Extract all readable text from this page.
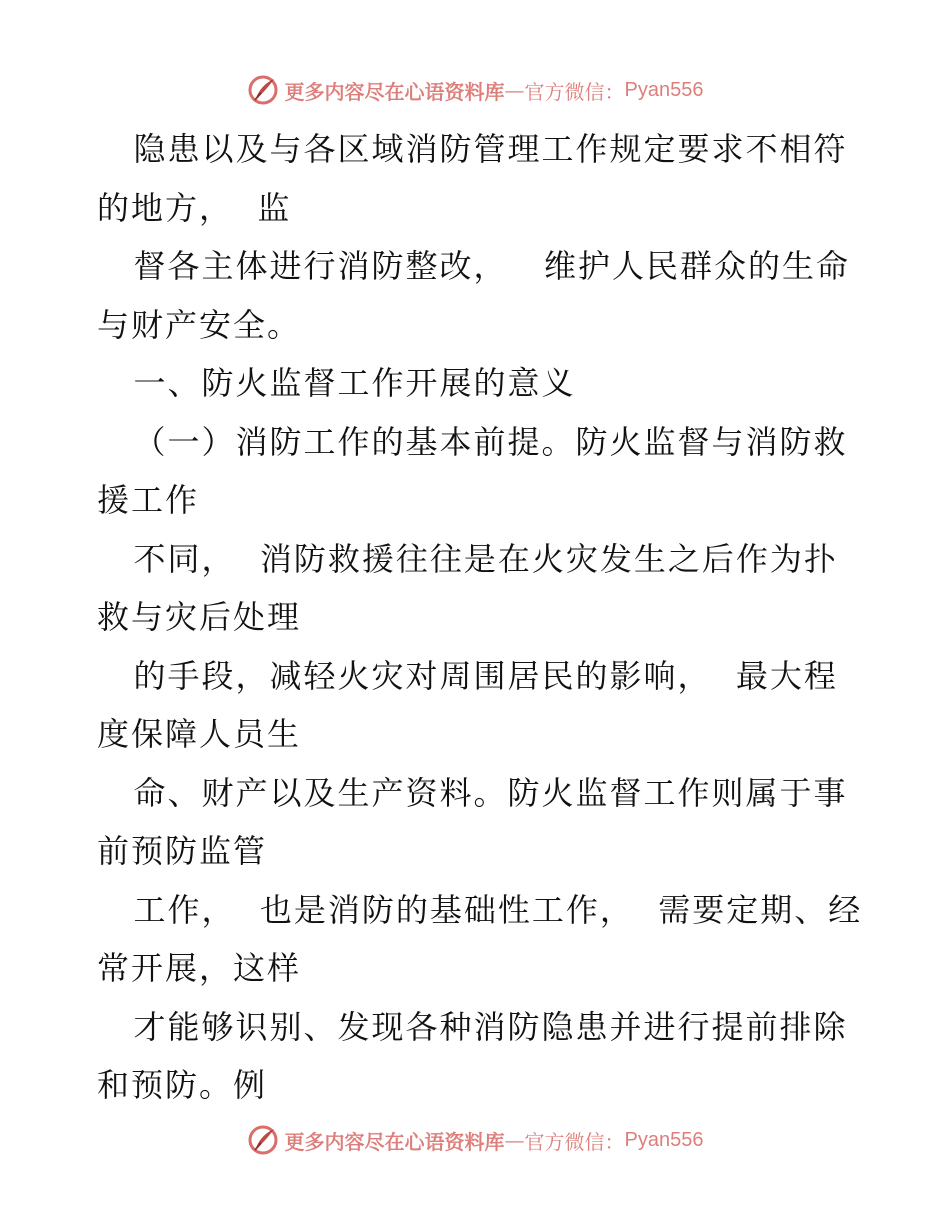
更多内容尽在心语资料库 — 官方微信： Pyan556
隐患以及与各区域消防管理工作规定要求不相符
的地方，  监
督各主体进行消防整改，   维护人民群众的生命
与财产安全。
一、防火监督工作开展的意义
（一）消防工作的基本前提。防火监督与消防救
援工作
不同，  消防救援往往是在火灾发生之后作为扑
救与灾后处理
的手段，减轻火灾对周围居民的影响，  最大程
度保障人员生
命、财产以及生产资料。防火监督工作则属于事
前预防监管
工作，  也是消防的基础性工作，  需要定期、经
常开展，这样
才能够识别、发现各种消防隐患并进行提前排除
和预防。例
更多内容尽在心语资料库 — 官方微信： Pyan556
